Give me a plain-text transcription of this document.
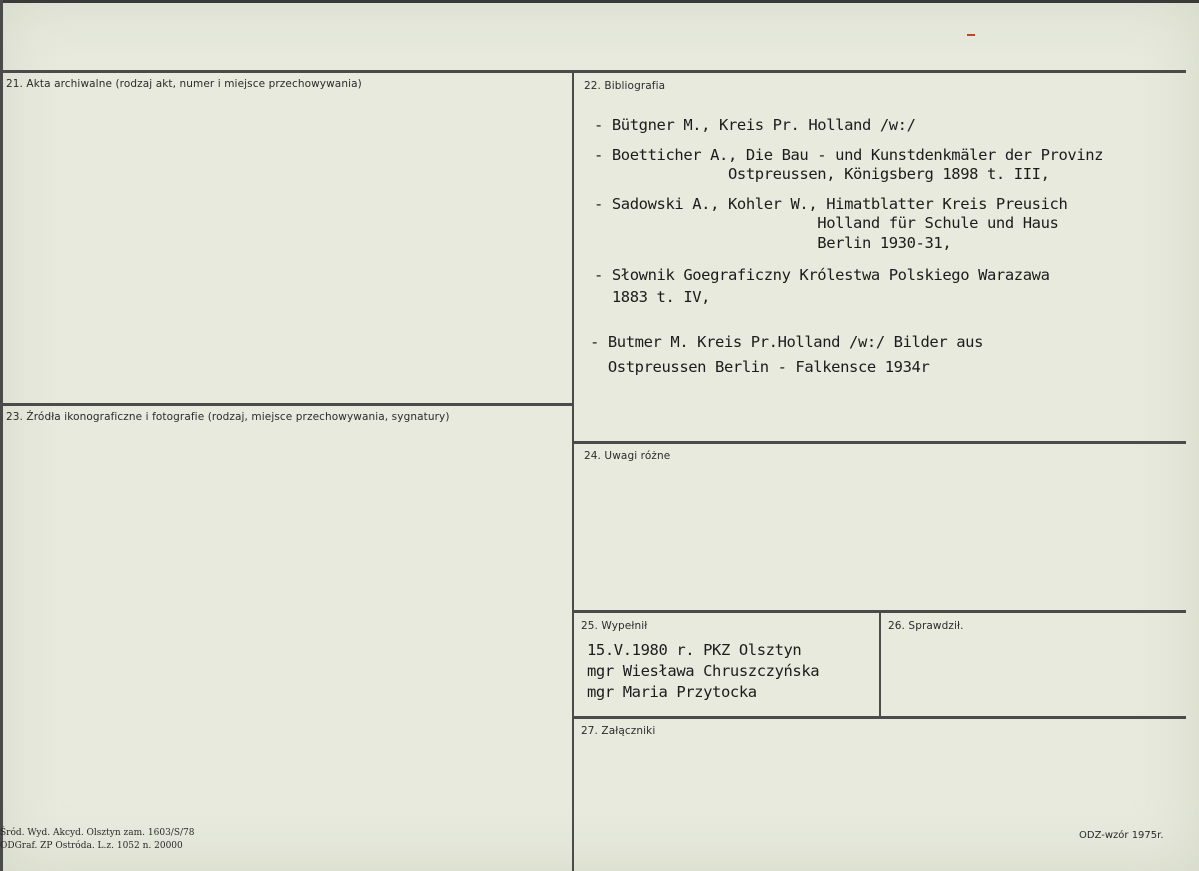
21. Akta archiwalne (rodzaj akt, numer i miejsce przechowywania)	22. Bibliografia
- Bütgner M., Kreis Pr. Holland /w:/
- Boetticher A., Die Bau - und Kunstdenkmäler der Provinz
Ostpreussen, Königsberg 1898 t. III,
- Sadowski A., Kohler W., Himatblatter Kreis Preusich
Holland für Schule und Haus
Berlin 1930-31,
- Słownik Goegraficzny Królestwa Polskiego Warazawa
1883 t. IV,
- Butmer M. Kreis Pr.Holland /w:/ Bilder aus
Ostpreussen Berlin - Falkensce 1934r
23. Źródła ikonograficzne i fotografie (rodzaj, miejsce przechowywania, sygnatury)
24. Uwagi różne
25. Wypełnił
15.V.1980 r. PKZ Olsztyn
mgr Wiesława Chruszczyńska
mgr Maria Przytocka
26. Sprawdził.
27. Załączniki
Śród. Wyd. Akcyd. Olsztyn zam. 1603/S/78
ODGraf. ZP Ostróda. L.z. 1052 n. 20000
ODZ-wzór 1975r.
